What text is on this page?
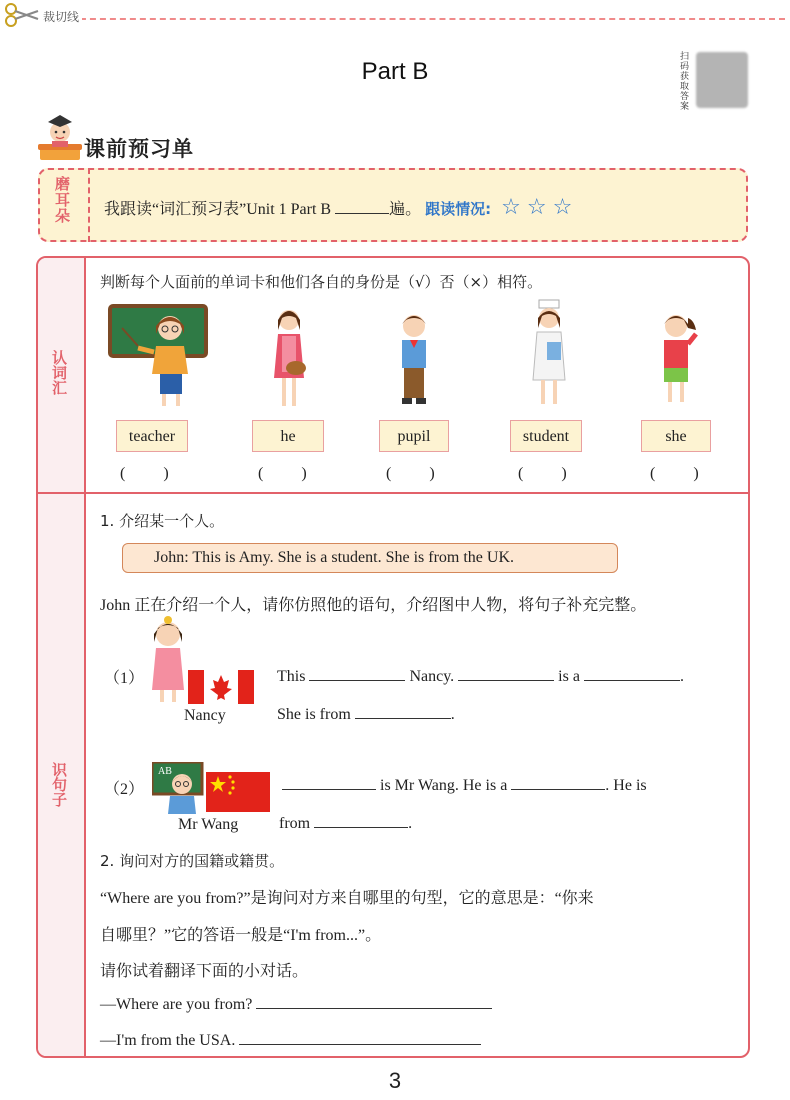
裁切线
Part B
扫码获取答案
课前预习单
磨耳朵 我跟读“词汇预习表”Unit 1 Part B	遍。 跟读情况: ☆ ☆ ☆
认词汇
识句子
判断每个人面前的单词卡和他们各自的身份是（√）否（×）相符。
teacher	he	pupil	student	she
( )	( )	( )	( )	( )
1. 介绍某一个人。
John: This is Amy. She is a student. She is from the UK.
John 正在介绍一个人，请你仿照他的语句，介绍图中人物，将句子补充完整。
（1）
Nancy
This	Nancy.	is a	.
She is from	.
（2）
AB
Mr Wang
is Mr Wang. He is a	. He is
from	.
2. 询问对方的国籍或籍贯。
“Where are you from?”是询问对方来自哪里的句型，它的意思是：“你来
自哪里？”它的答语一般是“I'm from...”。
请你试着翻译下面的小对话。
—Where are you from?
—I'm from the USA.
3
